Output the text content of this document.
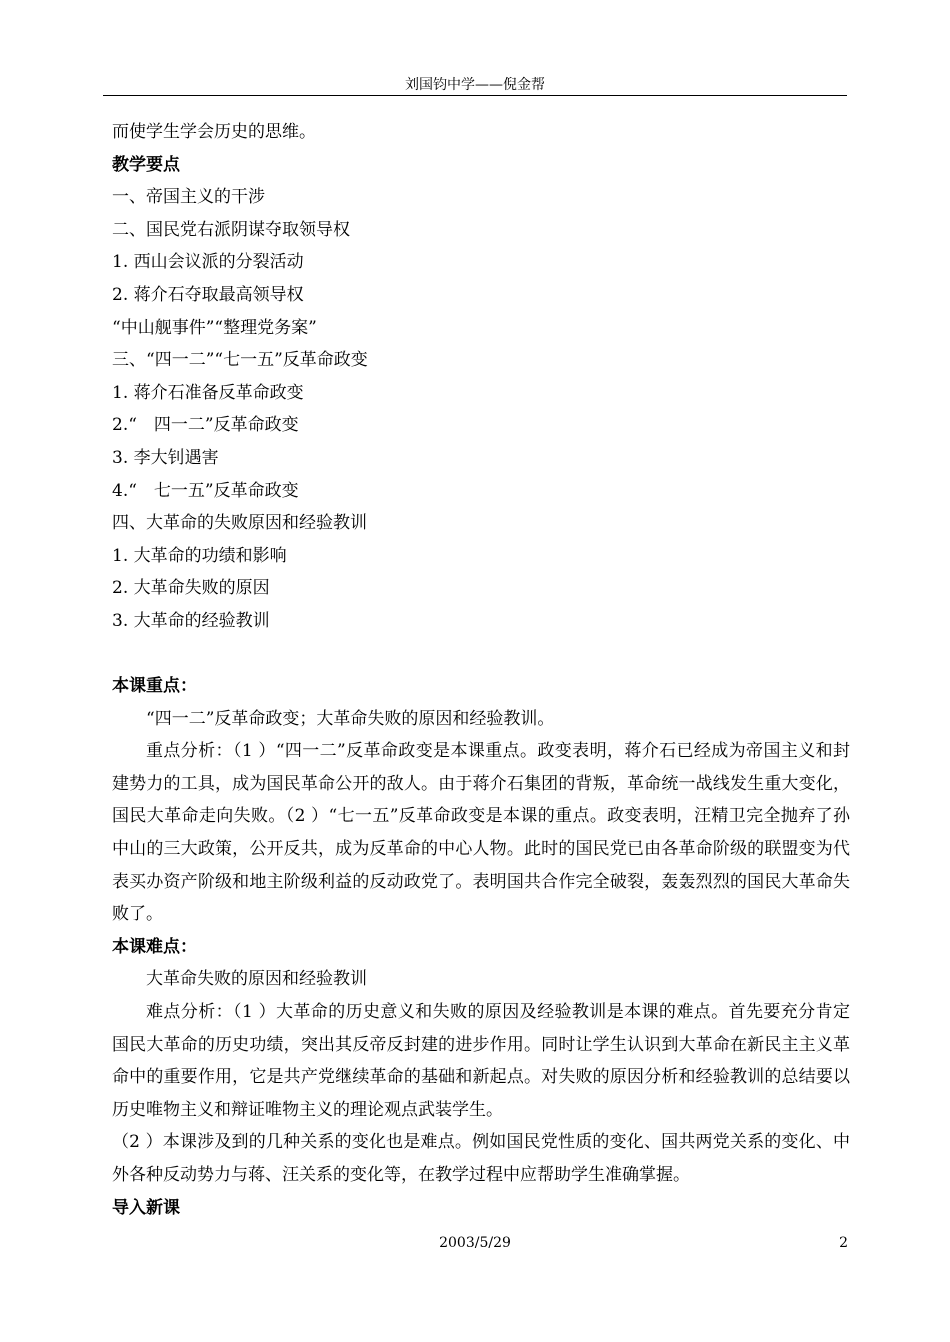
刘国钧中学——倪金帮
而使学生学会历史的思维。
教学要点
一、帝国主义的干涉
二、国民党右派阴谋夺取领导权
1. 西山会议派的分裂活动
2. 蒋介石夺取最高领导权
“中山舰事件”“整理党务案”
三、“四一二”“七一五”反革命政变
1. 蒋介石准备反革命政变
2.“　四一二”反革命政变
3. 李大钊遇害
4.“　七一五”反革命政变
四、大革命的失败原因和经验教训
1. 大革命的功绩和影响
2. 大革命失败的原因
3. 大革命的经验教训
本课重点：
“四一二”反革命政变；大革命失败的原因和经验教训。
重点分析：（1 ）“四一二”反革命政变是本课重点。政变表明，蒋介石已经成为帝国主义和封建势力的工具，成为国民革命公开的敌人。由于蒋介石集团的背叛，革命统一战线发生重大变化，国民大革命走向失败。（2 ）“七一五”反革命政变是本课的重点。政变表明，汪精卫完全抛弃了孙中山的三大政策，公开反共，成为反革命的中心人物。此时的国民党已由各革命阶级的联盟变为代表买办资产阶级和地主阶级利益的反动政党了。表明国共合作完全破裂，轰轰烈烈的国民大革命失败了。
本课难点：
大革命失败的原因和经验教训
难点分析：（1 ）大革命的历史意义和失败的原因及经验教训是本课的难点。首先要充分肯定国民大革命的历史功绩，突出其反帝反封建的进步作用。同时让学生认识到大革命在新民主主义革命中的重要作用，它是共产党继续革命的基础和新起点。对失败的原因分析和经验教训的总结要以历史唯物主义和辩证唯物主义的理论观点武装学生。
（2 ）本课涉及到的几种关系的变化也是难点。例如国民党性质的变化、国共两党关系的变化、中外各种反动势力与蒋、汪关系的变化等，在教学过程中应帮助学生准确掌握。
导入新课
2003/5/29	2
